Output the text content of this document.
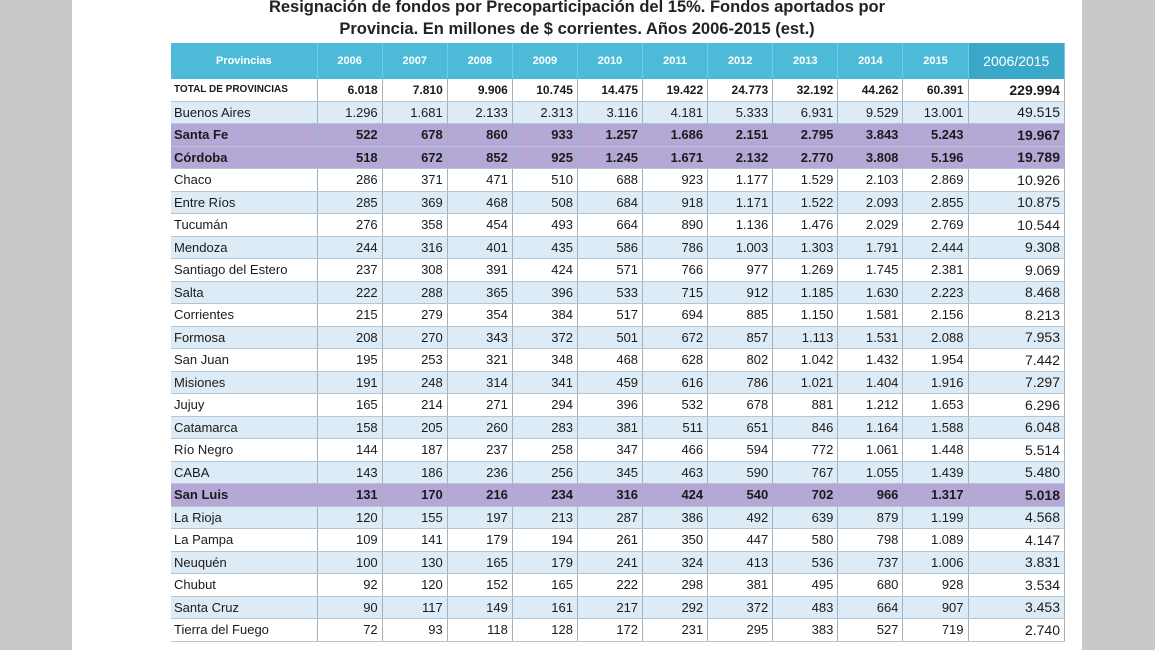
Resignación de fondos por Precoparticipación del 15%. Fondos aportados por
Provincia. En millones de $ corrientes. Años 2006-2015 (est.)
Provincias	2006	2007	2008	2009	2010	2011	2012	2013	2014	2015	2006/2015
TOTAL DE PROVINCIAS	6.018	7.810	9.906	10.745	14.475	19.422	24.773	32.192	44.262	60.391	229.994
Buenos Aires	1.296	1.681	2.133	2.313	3.116	4.181	5.333	6.931	9.529	13.001	49.515
Santa Fe	522	678	860	933	1.257	1.686	2.151	2.795	3.843	5.243	19.967
Córdoba	518	672	852	925	1.245	1.671	2.132	2.770	3.808	5.196	19.789
Chaco	286	371	471	510	688	923	1.177	1.529	2.103	2.869	10.926
Entre Ríos	285	369	468	508	684	918	1.171	1.522	2.093	2.855	10.875
Tucumán	276	358	454	493	664	890	1.136	1.476	2.029	2.769	10.544
Mendoza	244	316	401	435	586	786	1.003	1.303	1.791	2.444	9.308
Santiago del Estero	237	308	391	424	571	766	977	1.269	1.745	2.381	9.069
Salta	222	288	365	396	533	715	912	1.185	1.630	2.223	8.468
Corrientes	215	279	354	384	517	694	885	1.150	1.581	2.156	8.213
Formosa	208	270	343	372	501	672	857	1.113	1.531	2.088	7.953
San Juan	195	253	321	348	468	628	802	1.042	1.432	1.954	7.442
Misiones	191	248	314	341	459	616	786	1.021	1.404	1.916	7.297
Jujuy	165	214	271	294	396	532	678	881	1.212	1.653	6.296
Catamarca	158	205	260	283	381	511	651	846	1.164	1.588	6.048
Río Negro	144	187	237	258	347	466	594	772	1.061	1.448	5.514
CABA	143	186	236	256	345	463	590	767	1.055	1.439	5.480
San Luis	131	170	216	234	316	424	540	702	966	1.317	5.018
La Rioja	120	155	197	213	287	386	492	639	879	1.199	4.568
La Pampa	109	141	179	194	261	350	447	580	798	1.089	4.147
Neuquén	100	130	165	179	241	324	413	536	737	1.006	3.831
Chubut	92	120	152	165	222	298	381	495	680	928	3.534
Santa Cruz	90	117	149	161	217	292	372	483	664	907	3.453
Tierra del Fuego	72	93	118	128	172	231	295	383	527	719	2.740
